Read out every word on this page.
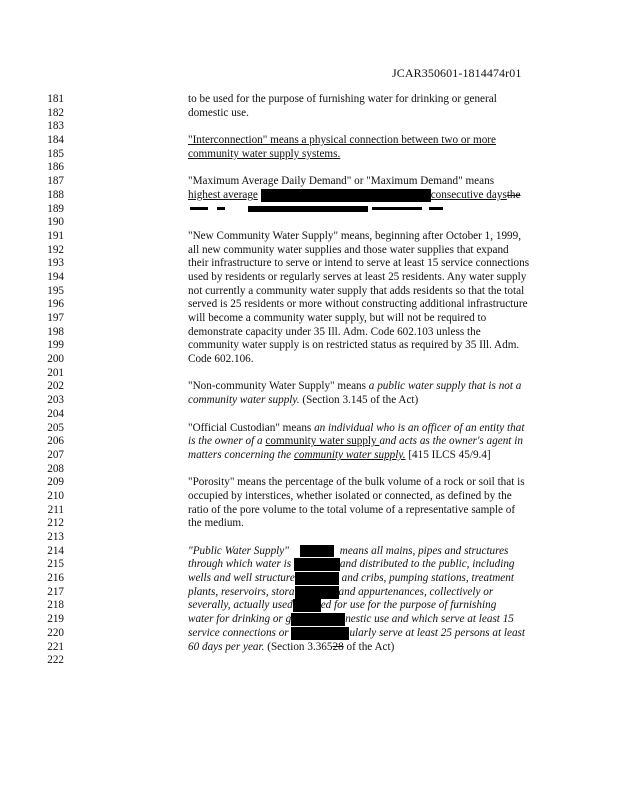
JCAR350601-1814474r01
181
182
183
184
185
186
187
188
189
190
191
192
193
194
195
196
197
198
199
200
201
202
203
204
205
206
207
208
209
210
211
212
213
214
215
216
217
218
219
220
221
222
to be used for the purpose of furnishing water for drinking or general
domestic use.
"Interconnection" means a physical connection between two or more
community water supply systems.
"Maximum Average Daily Demand" or "Maximum Demand" means
highest average	consecutive daysthe

"New Community Water Supply" means, beginning after October 1, 1999,
all new community water supplies and those water supplies that expand
their infrastructure to serve or intend to serve at least 15 service connections
used by residents or regularly serves at least 25 residents. Any water supply
not currently a community water supply that adds residents so that the total
served is 25 residents or more without constructing additional infrastructure
will become a community water supply, but will not be required to
demonstrate capacity under 35 Ill. Adm. Code 602.103 unless the
community water supply is on restricted status as required by 35 Ill. Adm.
Code 602.106.
"Non-community Water Supply" means a public water supply that is not a
community water supply. (Section 3.145 of the Act)
"Official Custodian" means an individual who is an officer of an entity that
is the owner of a community water supply and acts as the owner's agent in
matters concerning the community water supply. [415 ILCS 45/9.4]
"Porosity" means the percentage of the bulk volume of a rock or soil that is
occupied by interstices, whether isolated or connected, as defined by the
ratio of the pore volume to the total volume of a representative sample of
the medium.
"Public Water Supply"	means all mains, pipes and structures
through which water is	and distributed to the public, including
wells and well structure	and cribs, pumping stations, treatment
plants, reservoirs, stora	and appurtenances, collectively or
severally, actually used	ed for use for the purpose of furnishing
water for drinking or g	nestic use and which serve at least 15
service connections or	ularly serve at least 25 persons at least
60 days per year. (Section 3.36528 of the Act)
